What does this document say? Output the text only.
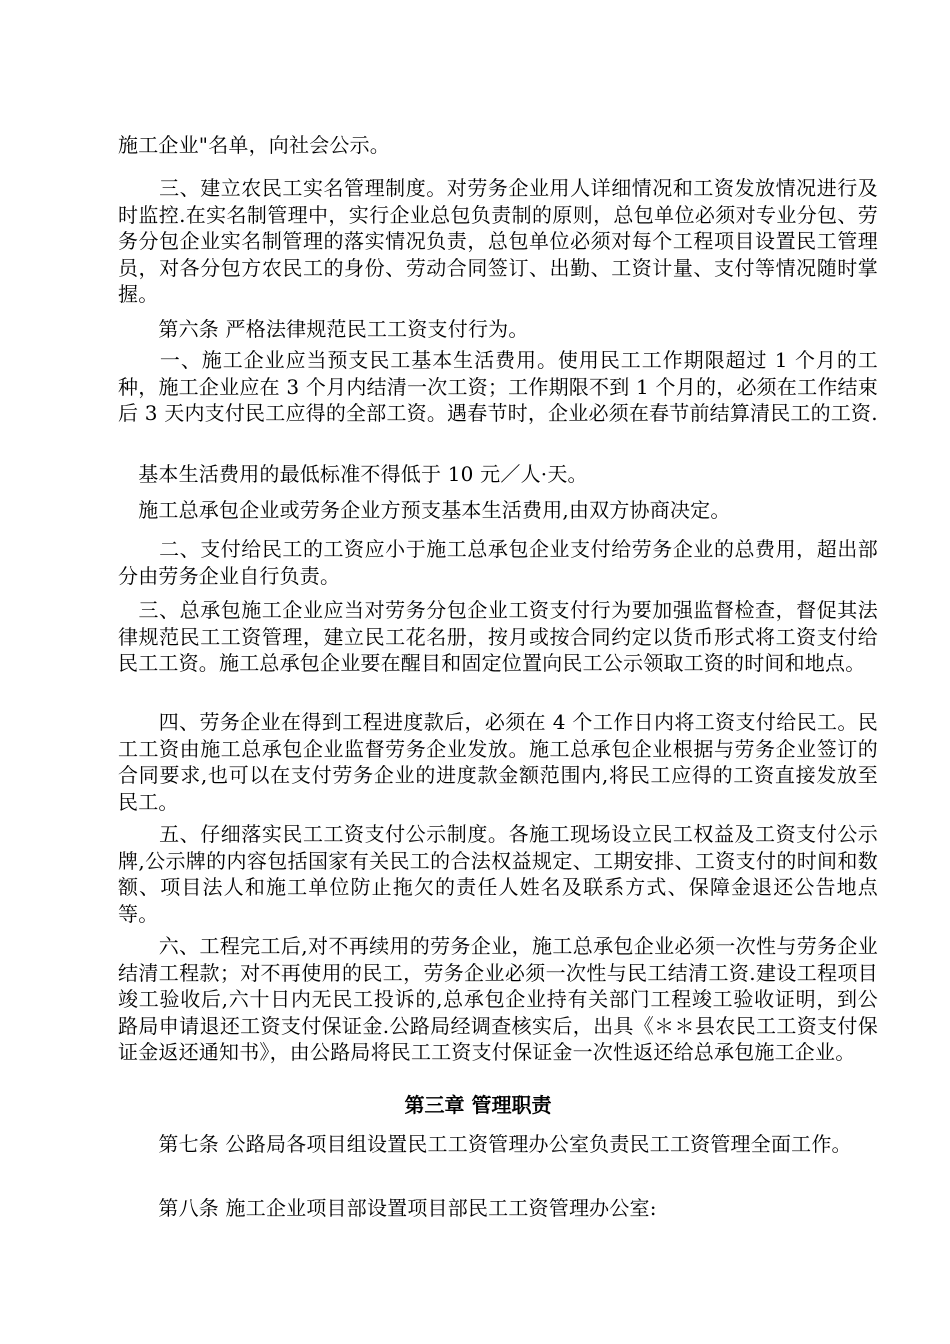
施工企业"名单，向社会公示。

　　三、建立农民工实名管理制度。对劳务企业用人详细情况和工资发放情况进行及时监控.在实名制管理中，实行企业总包负责制的原则，总包单位必须对专业分包、劳务分包企业实名制管理的落实情况负责，总包单位必须对每个工程项目设置民工管理员，对各分包方农民工的身份、劳动合同签订、出勤、工资计量、支付等情况随时掌握。

　　第六条 严格法律规范民工工资支付行为。

　　一、施工企业应当预支民工基本生活费用。使用民工工作期限超过 1 个月的工种，施工企业应在 3 个月内结清一次工资；工作期限不到 1 个月的，必须在工作结束后 3 天内支付民工应得的全部工资。遇春节时，企业必须在春节前结算清民工的工资.

　基本生活费用的最低标准不得低于 10 元／人·天。

　施工总承包企业或劳务企业方预支基本生活费用,由双方协商决定。

　　二、支付给民工的工资应小于施工总承包企业支付给劳务企业的总费用，超出部分由劳务企业自行负责。

　三、总承包施工企业应当对劳务分包企业工资支付行为要加强监督检查，督促其法律规范民工工资管理，建立民工花名册，按月或按合同约定以货币形式将工资支付给民工工资。施工总承包企业要在醒目和固定位置向民工公示领取工资的时间和地点。

　　四、劳务企业在得到工程进度款后，必须在 4 个工作日内将工资支付给民工。民工工资由施工总承包企业监督劳务企业发放。施工总承包企业根据与劳务企业签订的合同要求,也可以在支付劳务企业的进度款金额范围内,将民工应得的工资直接发放至民工。

　　五、仔细落实民工工资支付公示制度。各施工现场设立民工权益及工资支付公示牌,公示牌的内容包括国家有关民工的合法权益规定、工期安排、工资支付的时间和数额、项目法人和施工单位防止拖欠的责任人姓名及联系方式、保障金退还公告地点等。

　　六、工程完工后,对不再续用的劳务企业，施工总承包企业必须一次性与劳务企业结清工程款；对不再使用的民工，劳务企业必须一次性与民工结清工资.建设工程项目竣工验收后,六十日内无民工投诉的,总承包企业持有关部门工程竣工验收证明，到公路局申请退还工资支付保证金.公路局经调查核实后，出具《＊＊县农民工工资支付保证金返还通知书》，由公路局将民工工资支付保证金一次性返还给总承包施工企业。

第三章 管理职责

　　第七条 公路局各项目组设置民工工资管理办公室负责民工工资管理全面工作。

　　第八条 施工企业项目部设置项目部民工工资管理办公室:
